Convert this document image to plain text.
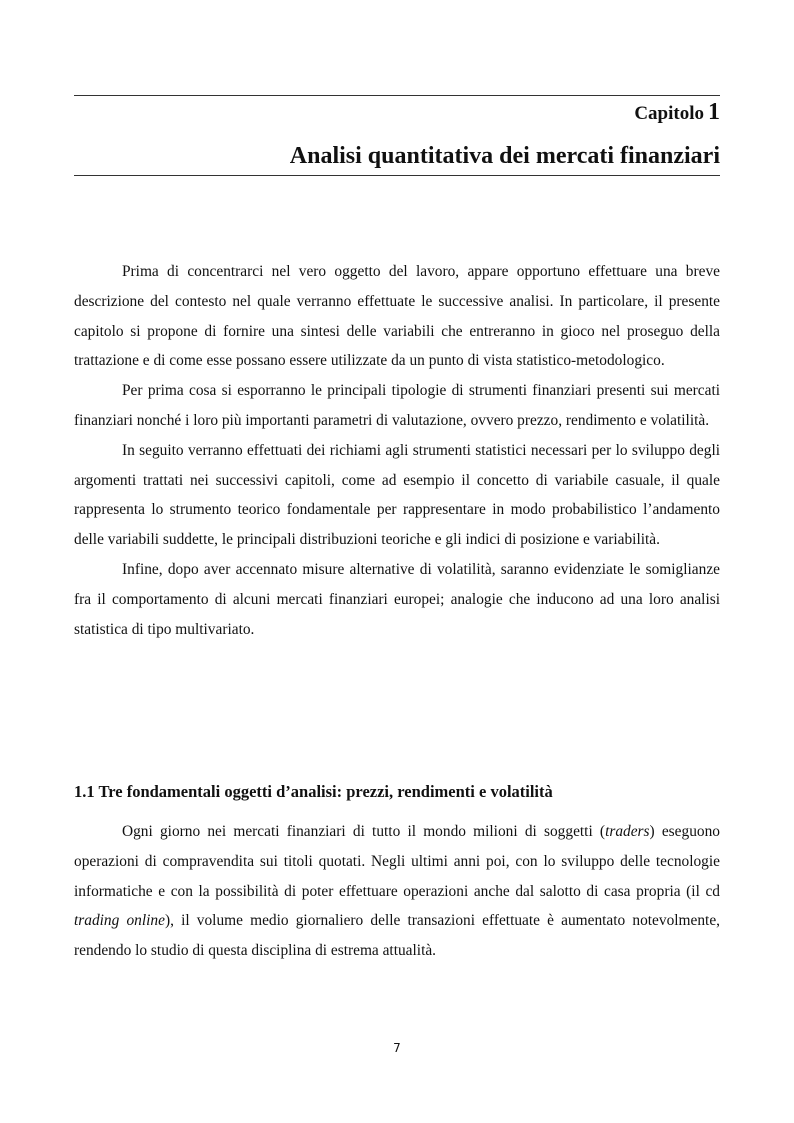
Capitolo 1
Analisi quantitativa dei mercati finanziari

Prima di concentrarci nel vero oggetto del lavoro, appare opportuno effettuare una breve descrizione del contesto nel quale verranno effettuate le successive analisi. In particolare, il presente capitolo si propone di fornire una sintesi delle variabili che entreranno in gioco nel proseguo della trattazione e di come esse possano essere utilizzate da un punto di vista statistico-metodologico.

Per prima cosa si esporranno le principali tipologie di strumenti finanziari presenti sui mercati finanziari nonché i loro più importanti parametri di valutazione, ovvero prezzo, rendimento e volatilità.

In seguito verranno effettuati dei richiami agli strumenti statistici necessari per lo sviluppo degli argomenti trattati nei successivi capitoli, come ad esempio il concetto di variabile casuale, il quale rappresenta lo strumento teorico fondamentale per rappresentare in modo probabilistico l’andamento delle variabili suddette, le principali distribuzioni teoriche e gli indici di posizione e variabilità.

Infine, dopo aver accennato misure alternative di volatilità, saranno evidenziate le somiglianze fra il comportamento di alcuni mercati finanziari europei; analogie che inducono ad una loro analisi statistica di tipo multivariato.

1.1 Tre fondamentali oggetti d’analisi: prezzi, rendimenti e volatilità

Ogni giorno nei mercati finanziari di tutto il mondo milioni di soggetti (traders) eseguono operazioni di compravendita sui titoli quotati. Negli ultimi anni poi, con lo sviluppo delle tecnologie informatiche e con la possibilità di poter effettuare operazioni anche dal salotto di casa propria (il cd trading online), il volume medio giornaliero delle transazioni effettuate è aumentato notevolmente, rendendo lo studio di questa disciplina di estrema attualità.

7
